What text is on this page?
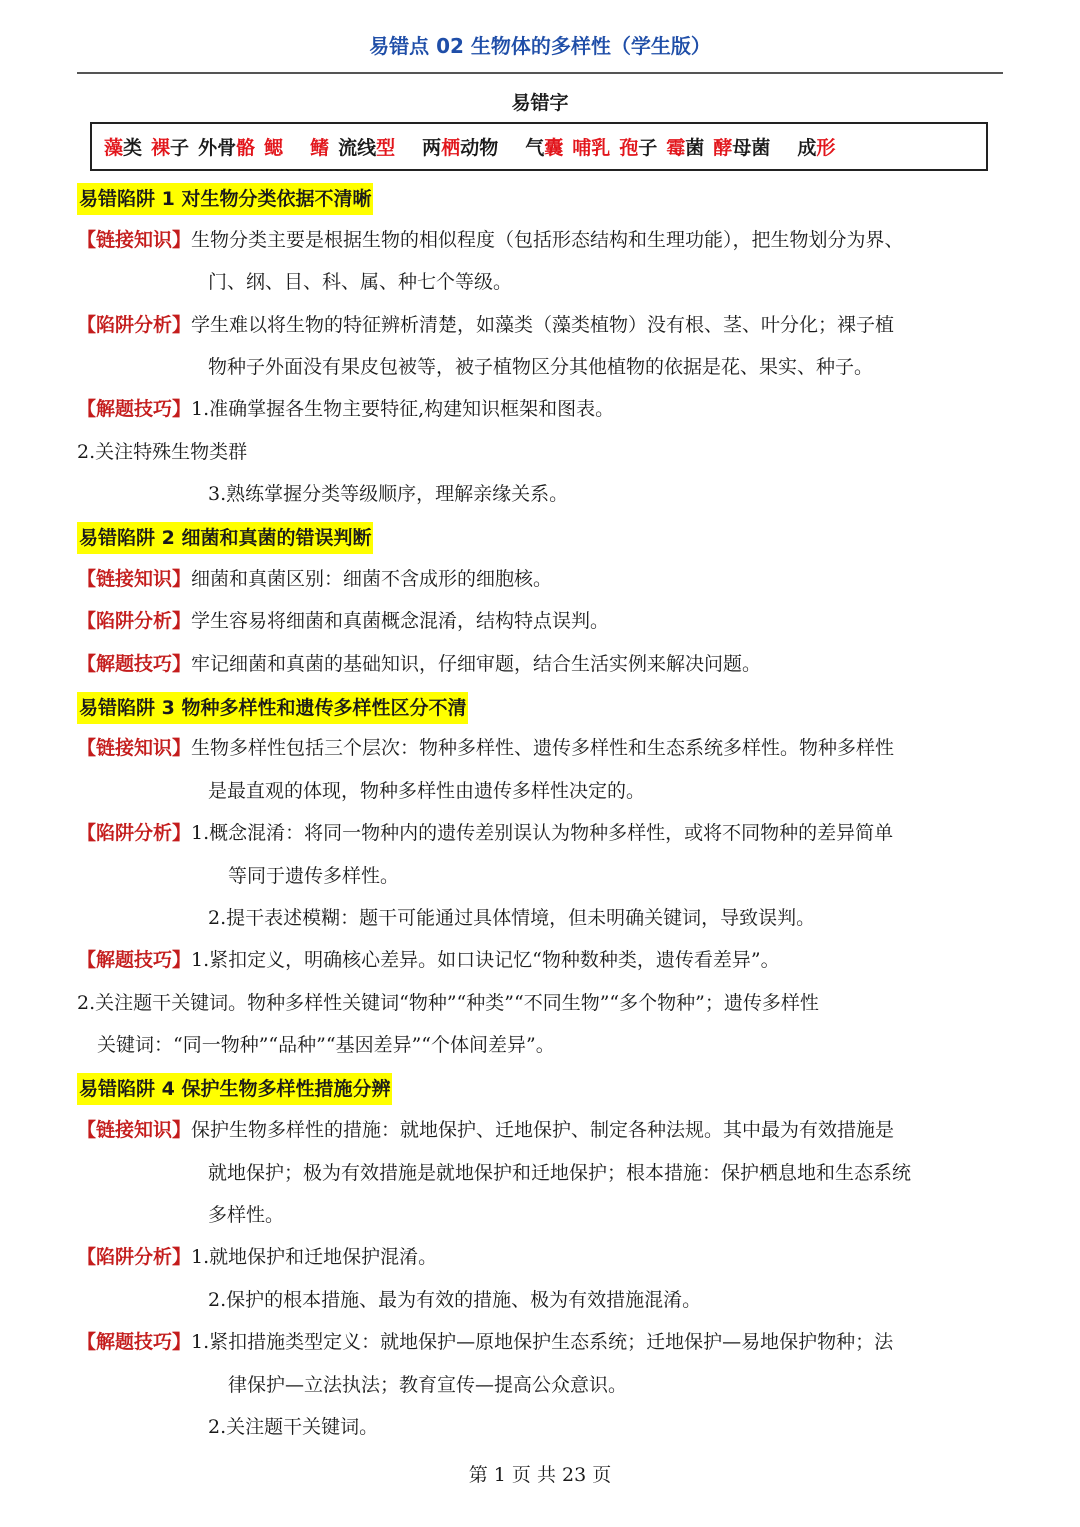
易错点 02 生物体的多样性（学生版）
易错字
藻类 裸子 外骨骼 鳃 鳍 流线型 两栖动物 气囊 哺乳 孢子 霉菌 酵母菌 成形
易错陷阱 1 对生物分类依据不清晰
【链接知识】生物分类主要是根据生物的相似程度（包括形态结构和生理功能），把生物划分为界、
门、纲、目、科、属、种七个等级。
【陷阱分析】学生难以将生物的特征辨析清楚，如藻类（藻类植物）没有根、茎、叶分化；裸子植
物种子外面没有果皮包被等，被子植物区分其他植物的依据是花、果实、种子。
【解题技巧】1.准确掌握各生物主要特征,构建知识框架和图表。
2.关注特殊生物类群
3.熟练掌握分类等级顺序，理解亲缘关系。
易错陷阱 2 细菌和真菌的错误判断
【链接知识】细菌和真菌区别：细菌不含成形的细胞核。
【陷阱分析】学生容易将细菌和真菌概念混淆，结构特点误判。
【解题技巧】牢记细菌和真菌的基础知识，仔细审题，结合生活实例来解决问题。
易错陷阱 3 物种多样性和遗传多样性区分不清
【链接知识】生物多样性包括三个层次：物种多样性、遗传多样性和生态系统多样性。物种多样性
是最直观的体现，物种多样性由遗传多样性决定的。
【陷阱分析】1.概念混淆：将同一物种内的遗传差别误认为物种多样性，或将不同物种的差异简单
等同于遗传多样性。
2.提干表述模糊：题干可能通过具体情境，但未明确关键词，导致误判。
【解题技巧】1.紧扣定义，明确核心差异。如口诀记忆“物种数种类，遗传看差异”。
2.关注题干关键词。物种多样性关键词“物种”“种类”“不同生物”“多个物种”；遗传多样性
关键词：“同一物种”“品种”“基因差异”“个体间差异”。
易错陷阱 4 保护生物多样性措施分辨
【链接知识】保护生物多样性的措施：就地保护、迁地保护、制定各种法规。其中最为有效措施是
就地保护；极为有效措施是就地保护和迁地保护；根本措施：保护栖息地和生态系统
多样性。
【陷阱分析】1.就地保护和迁地保护混淆。
2.保护的根本措施、最为有效的措施、极为有效措施混淆。
【解题技巧】1.紧扣措施类型定义：就地保护—原地保护生态系统；迁地保护—易地保护物种；法
律保护—立法执法；教育宣传—提高公众意识。
2.关注题干关键词。
第 1 页 共 23 页
